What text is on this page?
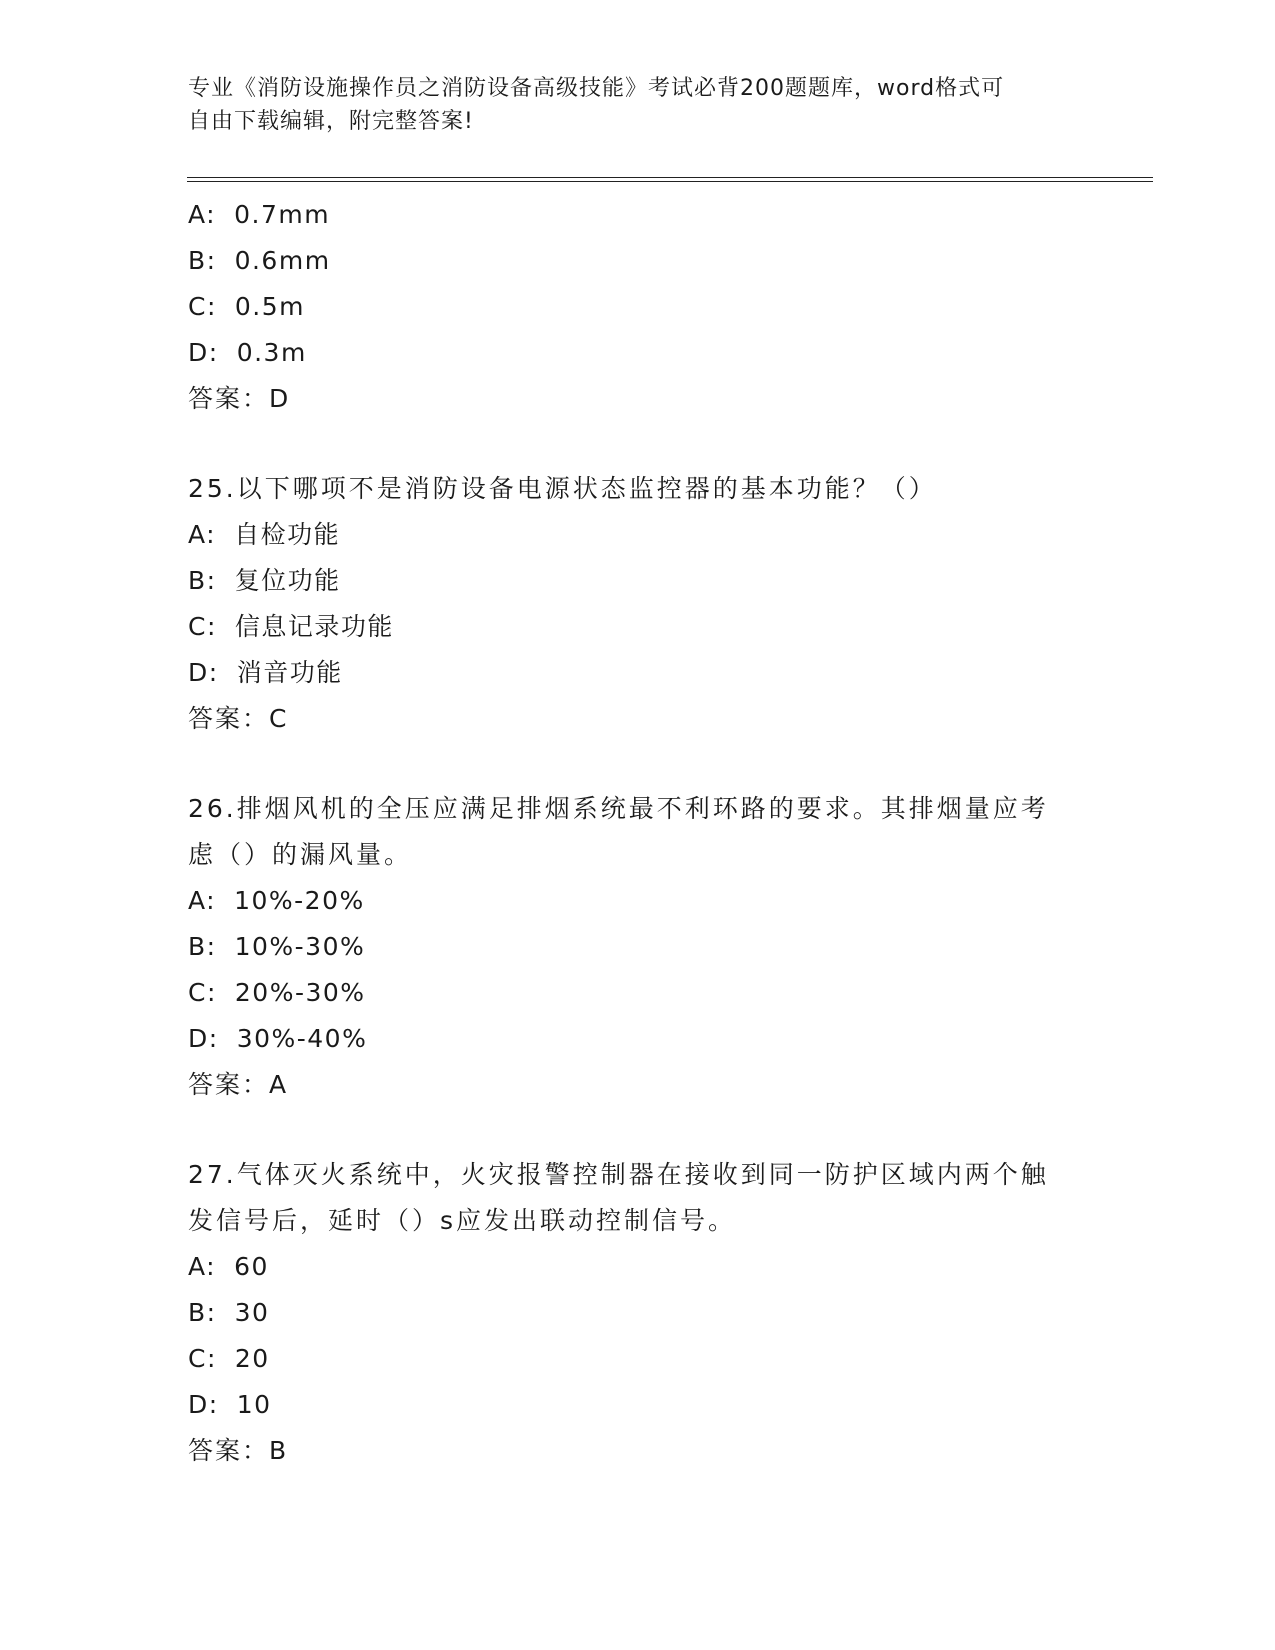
专业《消防设施操作员之消防设备高级技能》考试必背200题题库，word格式可
自由下载编辑，附完整答案!
A: 0.7mm
B: 0.6mm
C: 0.5m
D: 0.3m
答案：D
25.以下哪项不是消防设备电源状态监控器的基本功能？（）
A: 自检功能
B: 复位功能
C: 信息记录功能
D: 消音功能
答案：C
26.排烟风机的全压应满足排烟系统最不利环路的要求。其排烟量应考
虑（）的漏风量。
A: 10%-20%
B: 10%-30%
C: 20%-30%
D: 30%-40%
答案：A
27.气体灭火系统中，火灾报警控制器在接收到同一防护区域内两个触
发信号后，延时（）s应发出联动控制信号。
A: 60
B: 30
C: 20
D: 10
答案：B
